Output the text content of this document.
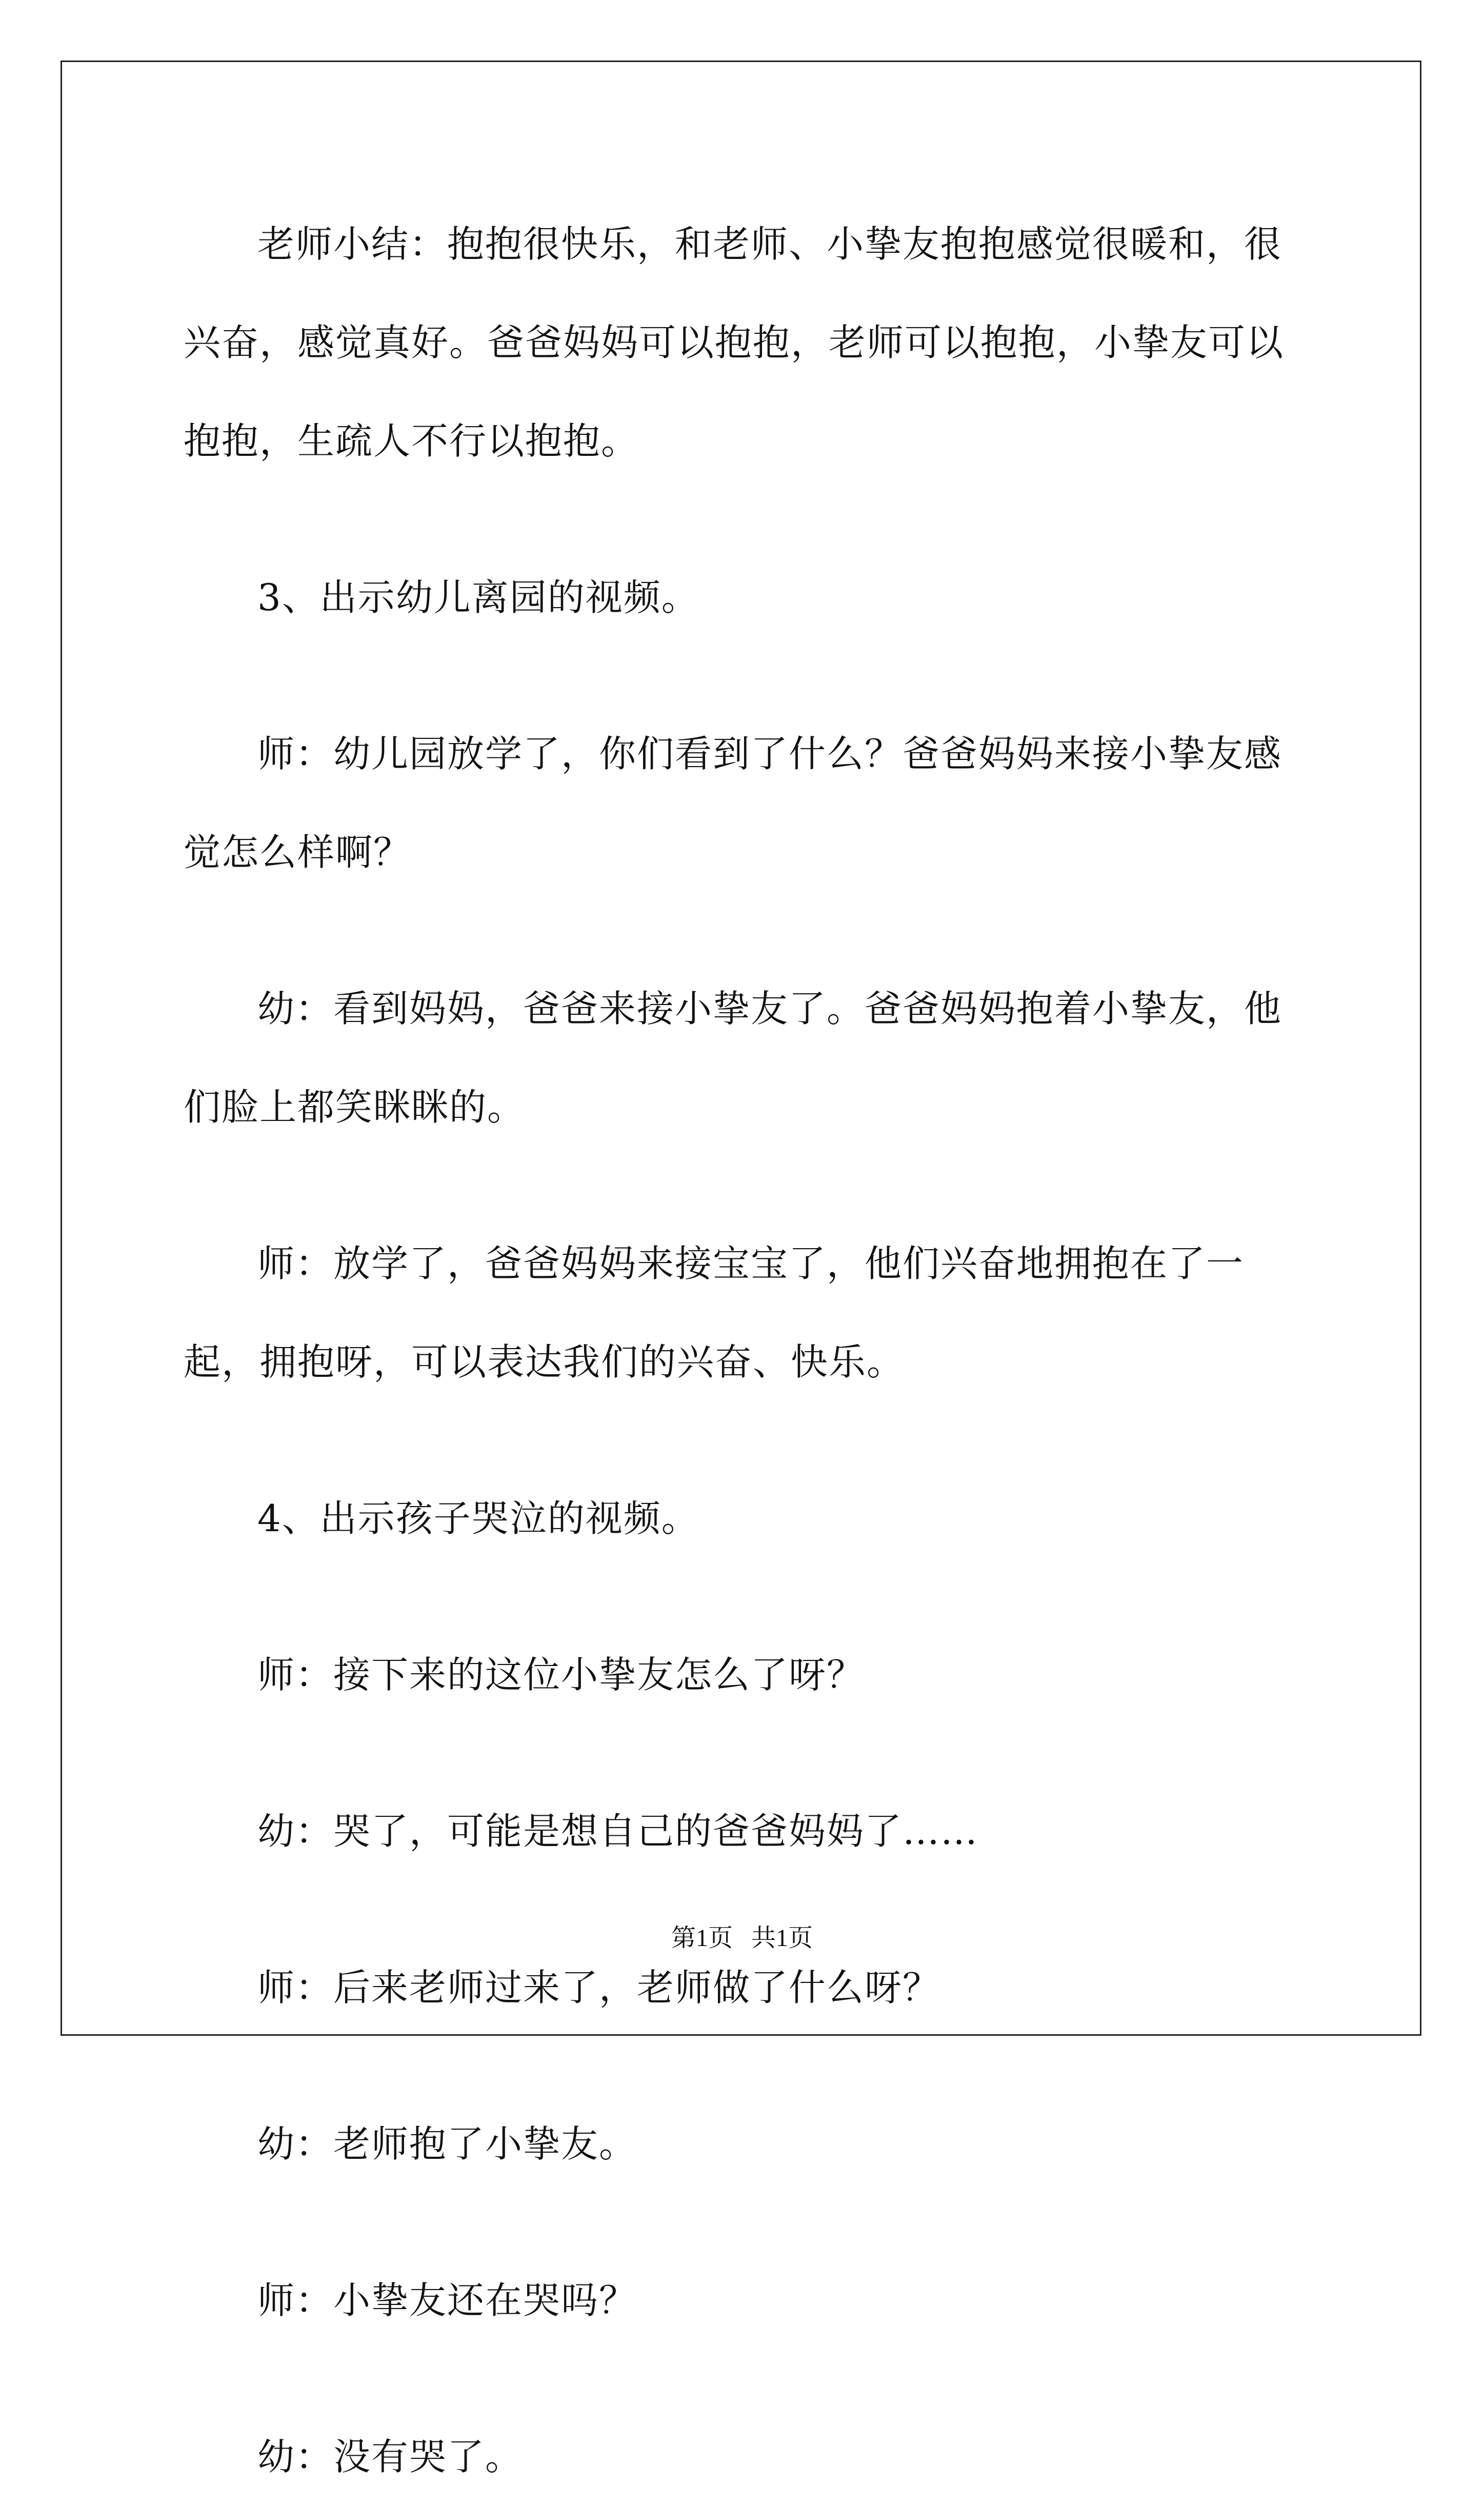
老师小结：抱抱很快乐，和老师、小挚友抱抱感觉很暖和，很兴奋，感觉真好。爸爸妈妈可以抱抱，老师可以抱抱，小挚友可以抱抱，生疏人不行以抱抱。

3、出示幼儿离园的视频。

师：幼儿园放学了，你们看到了什么？爸爸妈妈来接小挚友感觉怎么样啊？

幼：看到妈妈，爸爸来接小挚友了。爸爸妈妈抱着小挚友，他们脸上都笑眯眯的。

师：放学了，爸爸妈妈来接宝宝了，他们兴奋地拥抱在了一起，拥抱呀，可以表达我们的兴奋、快乐。

4、出示孩子哭泣的视频。

师：接下来的这位小挚友怎么了呀？

幼：哭了，可能是想自己的爸爸妈妈了……

师：后来老师过来了，老师做了什么呀？

幼：老师抱了小挚友。

师：小挚友还在哭吗？

幼：没有哭了。

第1页 共1页
